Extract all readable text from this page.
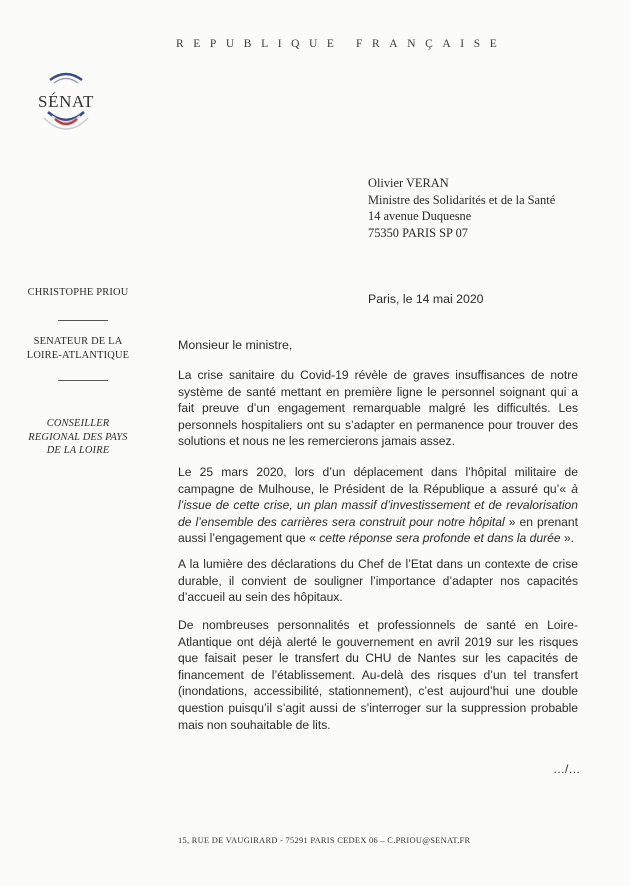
REPUBLIQUE FRANÇAISE
SÉNAT
Olivier VERAN
Ministre des Solidarités et de la Santé
14 avenue Duquesne
75350 PARIS SP 07
Paris, le 14 mai 2020
CHRISTOPHE PRIOU
SENATEUR DE LA
LOIRE-ATLANTIQUE
CONSEILLER
REGIONAL DES PAYS
DE LA LOIRE
Monsieur le ministre,
La crise sanitaire du Covid-19 révèle de graves insuffisances de notre système de santé mettant en première ligne le personnel soignant qui a fait preuve d’un engagement remarquable malgré les difficultés. Les personnels hospitaliers ont su s’adapter en permanence pour trouver des solutions et nous ne les remercierons jamais assez.
Le 25 mars 2020, lors d’un déplacement dans l’hôpital militaire de campagne de Mulhouse, le Président de la République a assuré qu’« à l’issue de cette crise, un plan massif d’investissement et de revalorisation de l’ensemble des carrières sera construit pour notre hôpital » en prenant aussi l’engagement que « cette réponse sera profonde et dans la durée ».
A la lumière des déclarations du Chef de l’Etat dans un contexte de crise durable, il convient de souligner l’importance d’adapter nos capacités d’accueil au sein des hôpitaux.
De nombreuses personnalités et professionnels de santé en Loire-Atlantique ont déjà alerté le gouvernement en avril 2019 sur les risques que faisait peser le transfert du CHU de Nantes sur les capacités de financement de l’établissement. Au-delà des risques d’un tel transfert (inondations, accessibilité, stationnement), c’est aujourd’hui une double question puisqu’il s’agit aussi de s’interroger sur la suppression probable mais non souhaitable de lits.
…/…
15, RUE DE VAUGIRARD - 75291 PARIS CEDEX 06 – C.PRIOU@SENAT.FR
